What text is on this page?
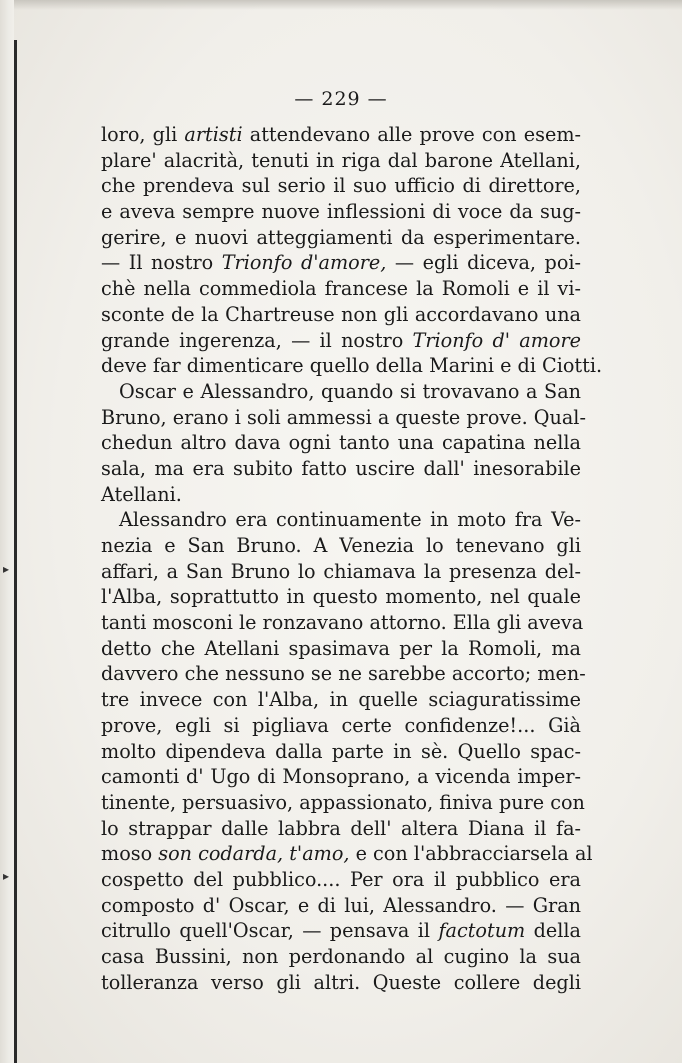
▸
▸
— 229 —
loro, gli artisti attendevano alle prove con esem-
plare' alacrità, tenuti in riga dal barone Atellani,
che prendeva sul serio il suo ufficio di direttore,
e aveva sempre nuove inflessioni di voce da sug-
gerire, e nuovi atteggiamenti da esperimentare.
— Il nostro Trionfo d'amore, — egli diceva, poi-
chè nella commediola francese la Romoli e il vi-
sconte de la Chartreuse non gli accordavano una
grande ingerenza, — il nostro Trionfo d' amore
deve far dimenticare quello della Marini e di Ciotti.
Oscar e Alessandro, quando si trovavano a San
Bruno, erano i soli ammessi a queste prove. Qual-
chedun altro dava ogni tanto una capatina nella
sala, ma era subito fatto uscire dall' inesorabile
Atellani.
Alessandro era continuamente in moto fra Ve-
nezia e San Bruno. A Venezia lo tenevano gli
affari, a San Bruno lo chiamava la presenza del-
l'Alba, soprattutto in questo momento, nel quale
tanti mosconi le ronzavano attorno. Ella gli aveva
detto che Atellani spasimava per la Romoli, ma
davvero che nessuno se ne sarebbe accorto; men-
tre invece con l'Alba, in quelle sciaguratissime
prove, egli si pigliava certe confidenze!... Già
molto dipendeva dalla parte in sè. Quello spac-
camonti d' Ugo di Monsoprano, a vicenda imper-
tinente, persuasivo, appassionato, finiva pure con
lo strappar dalle labbra dell' altera Diana il fa-
moso son codarda, t'amo, e con l'abbracciarsela al
cospetto del pubblico.... Per ora il pubblico era
composto d' Oscar, e di lui, Alessandro. — Gran
citrullo quell'Oscar, — pensava il factotum della
casa Bussini, non perdonando al cugino la sua
tolleranza verso gli altri. Queste collere degli
